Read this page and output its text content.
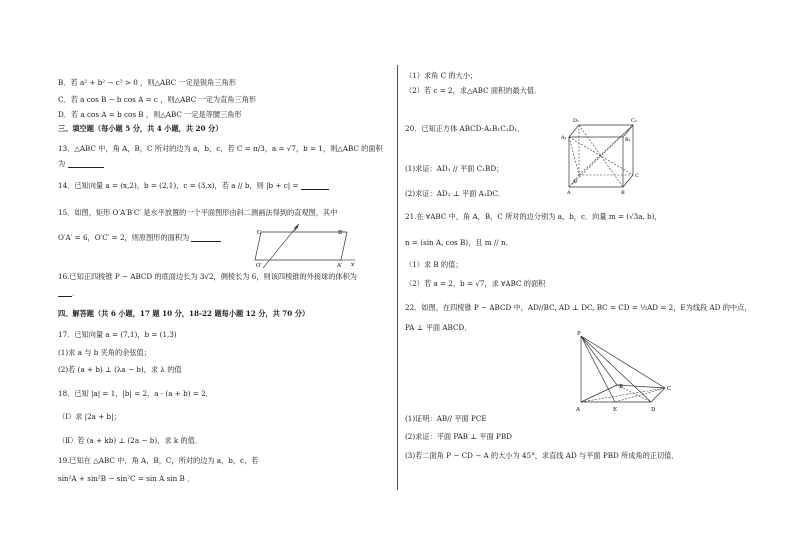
B．若 a² + b² − c² > 0 ，则△ABC 一定是锐角三角形
C．若 a cos B − b cos A = c ，则△ABC 一定为直角三角形
D．若 a cos A = b cos B ，则△ABC 一定是等腰三角形
三、填空题（每小题 5 分，共 4 小题，共 20 分）
13．△ABC 中，角 A，B，C 所对的边为 a，b，c，若 C = π/3，a = √7，b = 1，则△ABC 的面积
为
14．已知向量 a = (x,2)，b = (2,1)，c = (3,x)，若 a // b，则 |b + c| =
15．如图，矩形 O′A′B′C′ 是水平放置的一个平面图形由斜二测画法得到的直观图，其中
O′A′ = 6，O′C′ = 2，则原图形的面积为	C	B′
O′	A′
y′
x′
16.已知正四棱锥 P − ABCD 的底面边长为 3√2，侧棱长为 6，则该四棱锥的外接球的体积为
．
四、解答题（共 6 小题，17 题 10 分，18-22 题每小题 12 分，共 70 分）
17．已知向量 a = (7,1)，b = (1,3)
(1)求 a 与 b 夹角的余弦值；
(2)若 (a + b) ⊥ (λa − b)，求 λ 的值
18．已知 |a| = 1，|b| = 2，a · (a + b) = 2．
（Ⅰ）求 |2a + b|；
（Ⅱ）若 (a + kb) ⊥ (2a − b)，求 k 的值．
19.已知在 △ABC 中，角 A，B，C，所对的边为 a，b，c，若
sin²A + sin²B − sin²C = sin A sin B ．
（1）求角 C 的大小；
（2）若 c = 2，求△ABC 面积的最大值．
20．已知正方体 ABCD-A₁B₁C₁D₁．
D₁	C₁
A₁	B₁
D
C
A	B
(1)求证：AD₁ // 平面 C₁BD；
(2)求证：AD₁ ⊥ 平面 A₁DC．
21.在 ∀ABC 中，角 A，B，C 所对的边分别为 a，b，c．向量 m = (√3a, b)，
n = (sin A, cos B)，且 m // n．
（1）求 B 的值；
（2）若 a = 2，b = √7，求 ∀ABC 的面积
22．如图，在四棱锥 P − ABCD 中，AD//BC, AD ⊥ DC, BC = CD = ½AD = 2，E为线段 AD 的中点，
PA ⊥ 平面 ABCD．
P
B	C
A	E	D
(1)证明：AB// 平面 PCE
(2)求证：平面 PAB ⊥ 平面 PBD
(3)若二面角 P − CD − A 的大小为 45°，求直线 AD 与平面 PBD 所成角的正切值．
